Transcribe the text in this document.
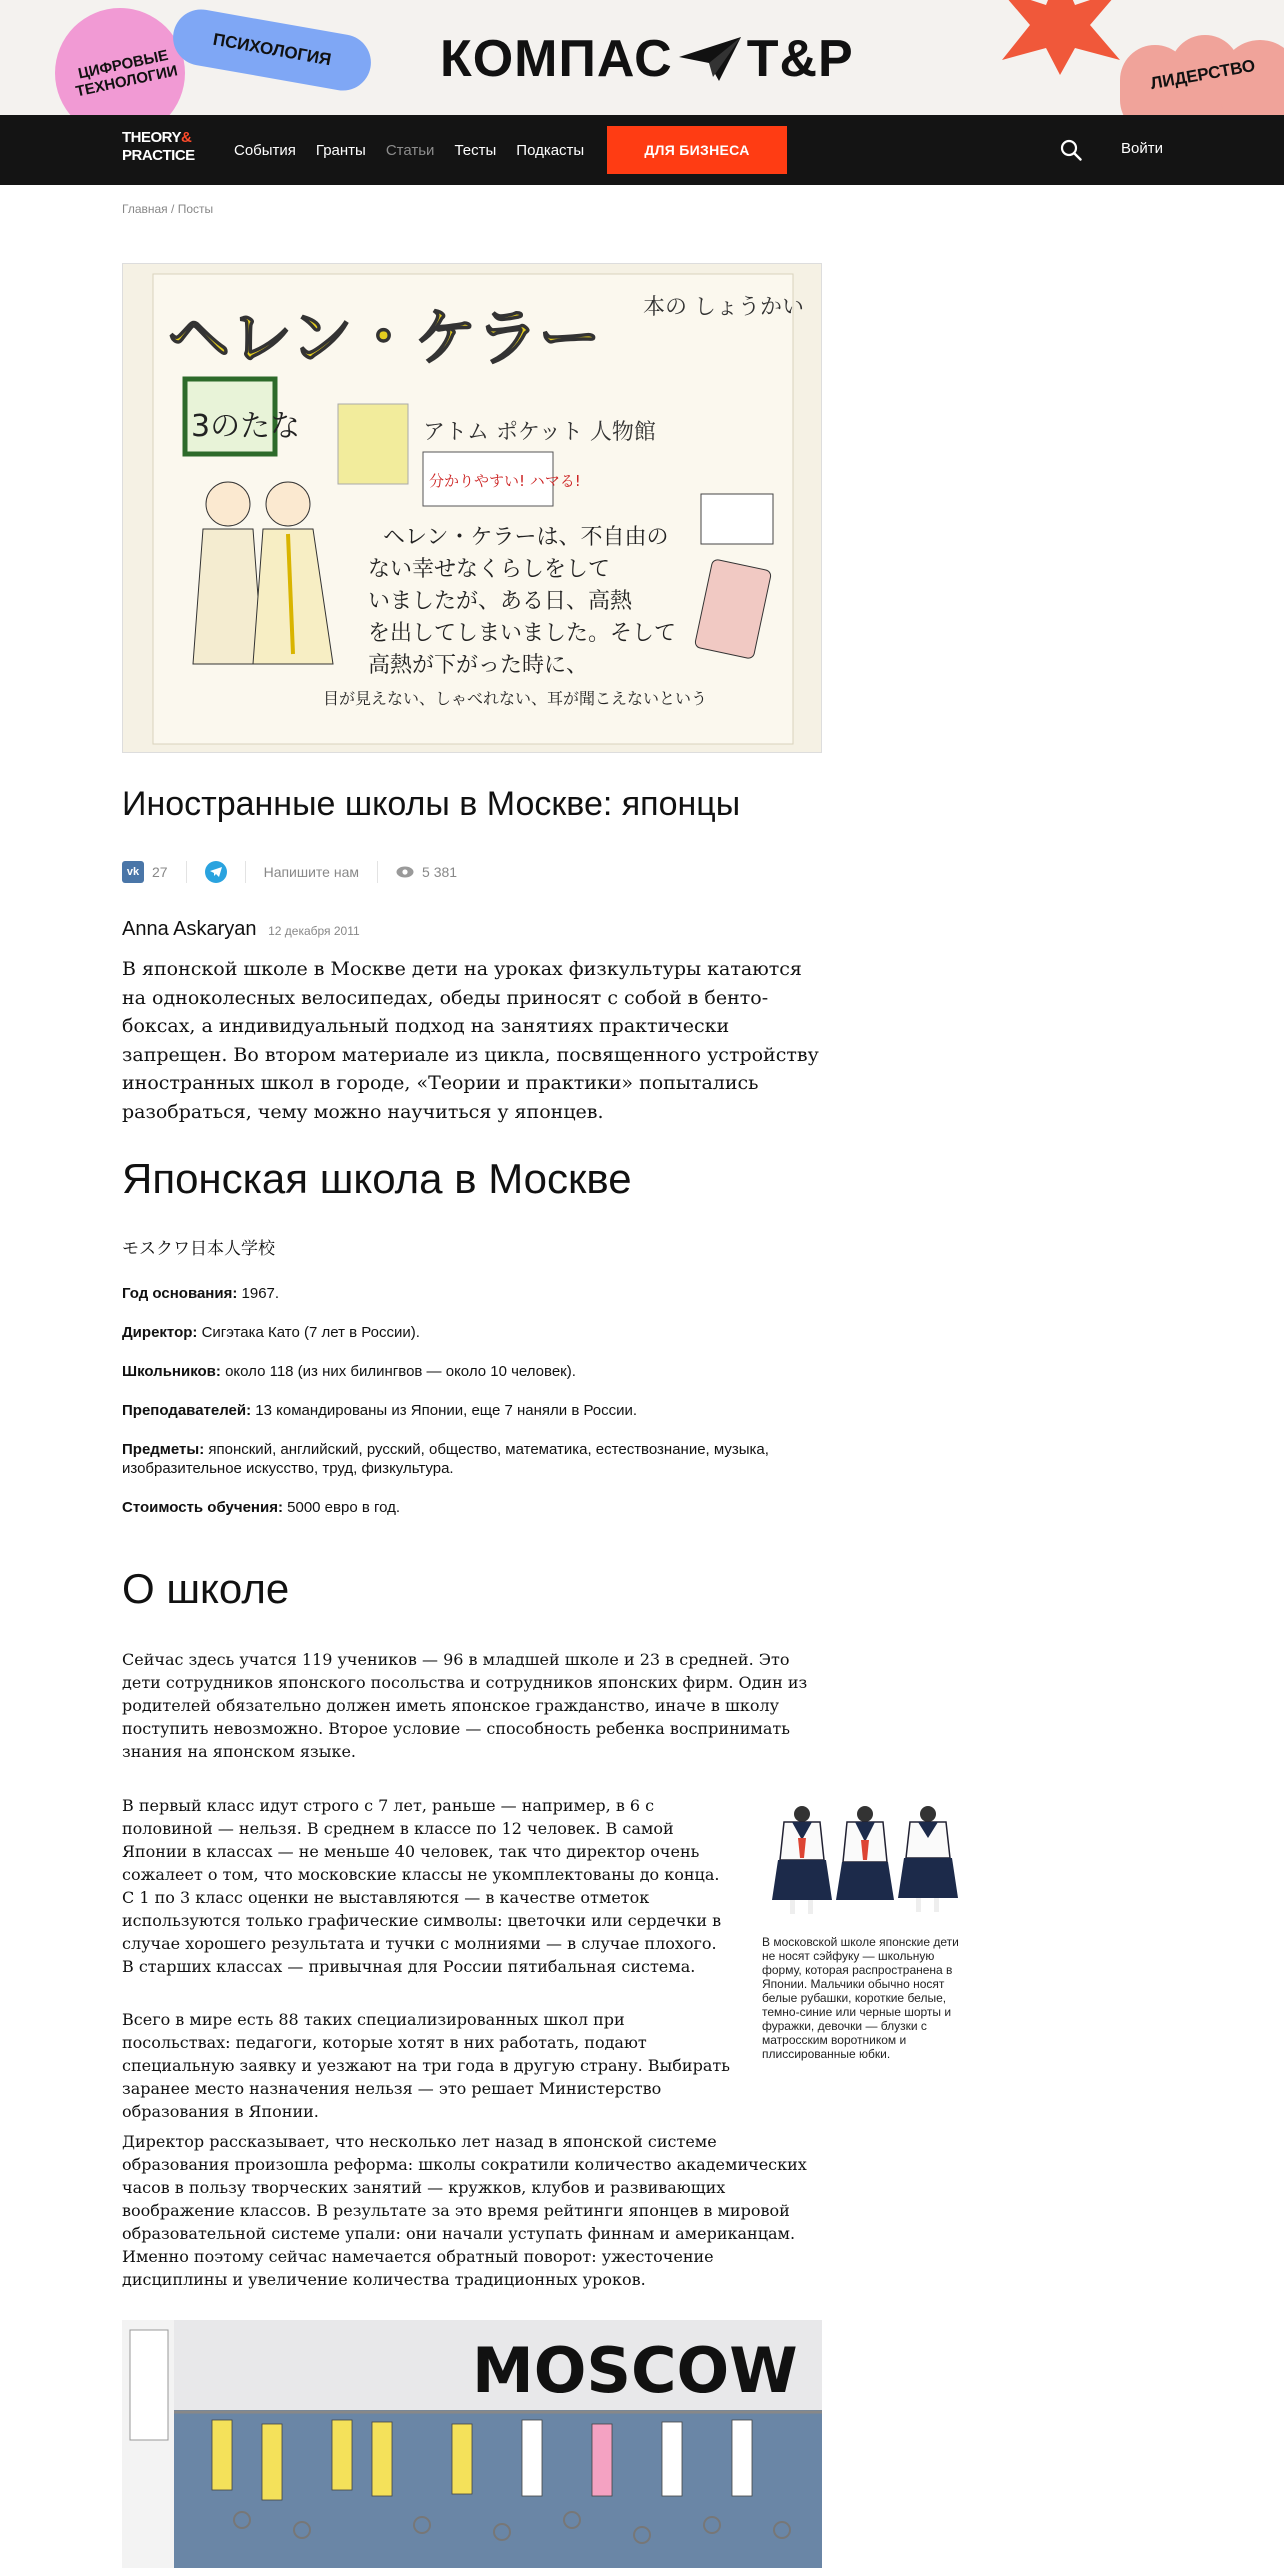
ЦИФРОВЫЕ ТЕХНОЛОГИИ
ПСИХОЛОГИЯ КОМПАС T&P	ЛИДЕРСТВО
THEORY&
PRACTICE	События Гранты Статьи Тесты Подкасты	ДЛЯ БИЗНЕСА	Войти
Главная / Посты
ヘレン・ケラー 本の しょうかい
3のたな	アトム ポケット 人物館
分かりやすい! ハマる!
ヘレン・ケラーは、不自由の
ない幸せなくらしをして
いましたが、ある日、高熱
を出してしまいました。そして
高熱が下がった時に、
目が見えない、しゃべれない、耳が聞こえないという
Иностранные школы в Москве: японцы
vk 27	Напишите нам	5 381
Anna Askaryan 12 декабря 2011

В японской школе в Москве дети на уроках физкультуры катаются на одноколесных велосипедах, обеды приносят с собой в бенто-боксах, а индивидуальный подход на занятиях практически запрещен. Во втором материале из цикла, посвященного устройству иностранных школ в городе, «Теории и практики» попытались разобраться, чему можно научиться у японцев.

Японская школа в Москве
モスクワ日本人学校
Год основания: 1967.
Директор: Сигэтака Като (7 лет в России).
Школьников: около 118 (из них билингвов — около 10 человек).
Преподавателей: 13 командированы из Японии, еще 7 наняли в России.
Предметы: японский, английский, русский, общество, математика, естествознание, музыка, изобразительное искусство, труд, физкультура.
Стоимость обучения: 5000 евро в год.
О школе

Сейчас здесь учатся 119 учеников — 96 в младшей школе и 23 в средней. Это дети сотрудников японского посольства и сотрудников японских фирм. Один из родителей обязательно должен иметь японское гражданство, иначе в школу поступить невозможно. Второе условие — способность ребенка воспринимать знания на японском языке.

В первый класс идут строго с 7 лет, раньше — например, в 6 с половиной — нельзя. В среднем в классе по 12 человек. В самой Японии в классах — не меньше 40 человек, так что директор очень сожалеет о том, что московские классы не укомплектованы до конца. С 1 по 3 класс оценки не выставляются — в качестве отметок используются только графические символы: цветочки или сердечки в случае хорошего результата и тучки с молниями — в случае плохого. В старших классах — привычная для России пятибальная система.

Всего в мире есть 88 таких специализированных школ при посольствах: педагоги, которые хотят в них работать, подают специальную заявку и уезжают на три года в другую страну. Выбирать заранее место назначения нельзя — это решает Министерство образования в Японии.

Директор рассказывает, что несколько лет назад в японской системе образования произошла реформа: школы сократили количество академических часов в пользу творческих занятий — кружков, клубов и развивающих воображение классов. В результате за это время рейтинги японцев в мировой образовательной системе упали: они начали уступать финнам и американцам. Именно поэтому сейчас намечается обратный поворот: ужесточение дисциплины и увеличение количества традиционных уроков.

В московской школе японские дети не носят сэйфуку — школьную форму, которая распространена в Японии. Мальчики обычно носят белые рубашки, короткие белые, темно-синие или черные шорты и фуражки, девочки — блузки с матросским воротником и плиссированные юбки.
MOSCOW
